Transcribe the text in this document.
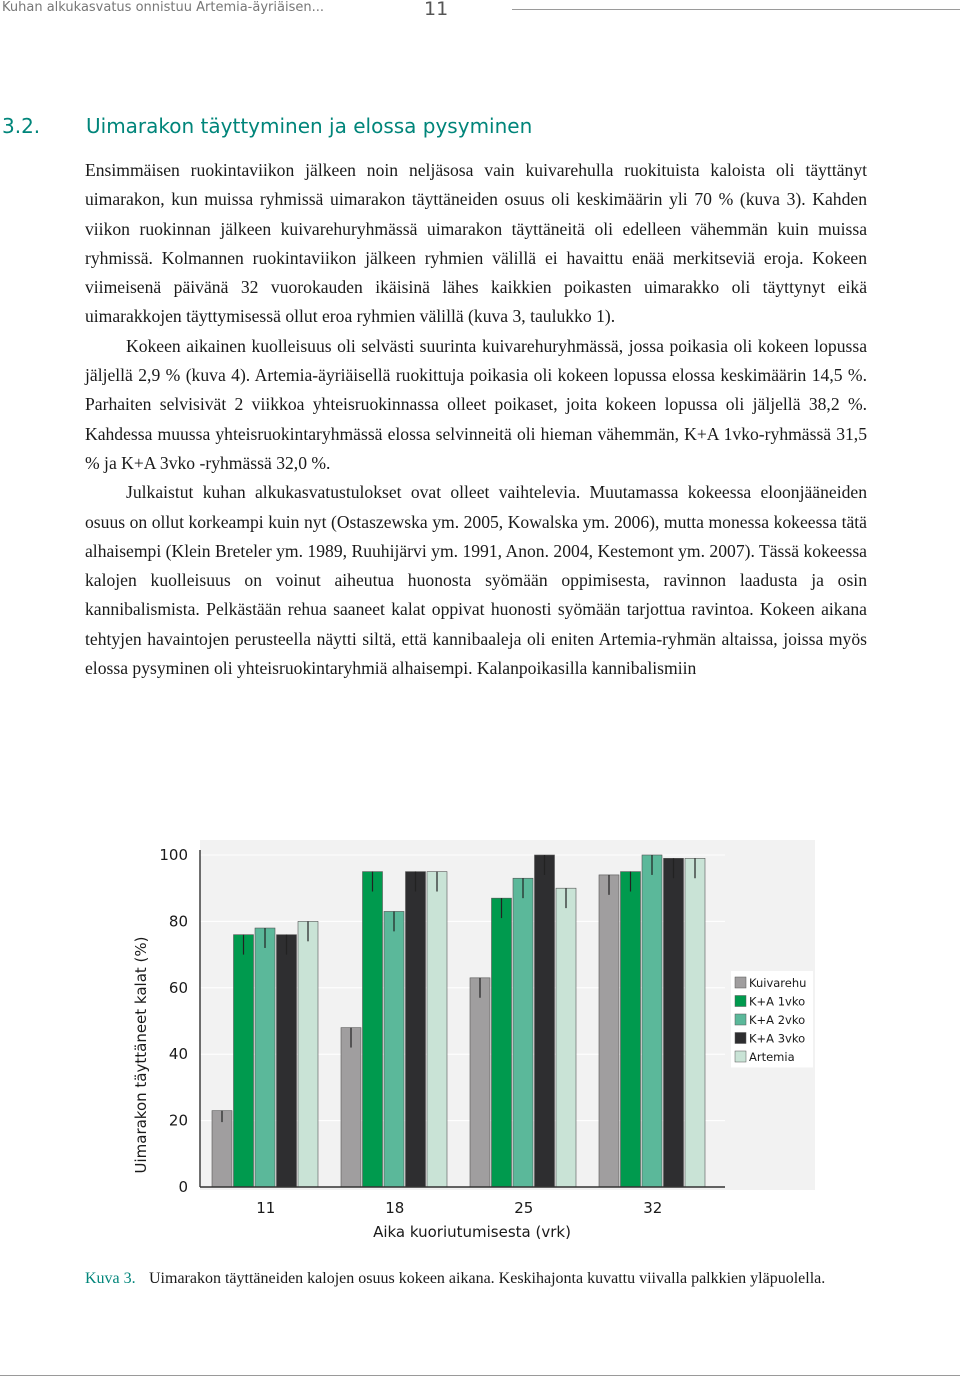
Kuhan alkukasvatus onnistuu Artemia-äyriäisen...	11
3.2. Uimarakon täyttyminen ja elossa pysyminen

Ensimmäisen ruokintaviikon jälkeen noin neljäsosa vain kuivarehulla ruokituista kaloista oli täyttänyt uimarakon, kun muissa ryhmissä uimarakon täyttäneiden osuus oli keskimäärin yli 70 % (kuva 3). Kahden viikon ruokinnan jälkeen kuivarehuryhmässä uimarakon täyttäneitä oli edelleen vähemmän kuin muissa ryhmissä. Kolmannen ruokintaviikon jälkeen ryhmien välillä ei havaittu enää merkitseviä eroja. Kokeen viimeisenä päivänä 32 vuorokauden ikäisinä lähes kaikkien poikasten uimarakko oli täyttynyt eikä uimarakkojen täyttymisessä ollut eroa ryhmien välillä (kuva 3, taulukko 1).

Kokeen aikainen kuolleisuus oli selvästi suurinta kuivarehuryhmässä, jossa poikasia oli kokeen lopussa jäljellä 2,9 % (kuva 4). Artemia-äyriäisellä ruokittuja poikasia oli kokeen lopussa elossa keskimäärin 14,5 %. Parhaiten selvisivät 2 viikkoa yhteisruokinnassa olleet poikaset, joita kokeen lopussa oli jäljellä 38,2 %. Kahdessa muussa yhteisruokintaryhmässä elossa selvinneitä oli hieman vähemmän, K+A 1vko-ryhmässä 31,5 % ja K+A 3vko -ryhmässä 32,0 %.

Julkaistut kuhan alkukasvatustulokset ovat olleet vaihtelevia. Muutamassa kokeessa eloonjääneiden osuus on ollut korkeampi kuin nyt (Ostaszewska ym. 2005, Kowalska ym. 2006), mutta monessa kokeessa tätä alhaisempi (Klein Breteler ym. 1989, Ruuhijärvi ym. 1991, Anon. 2004, Kestemont ym. 2007). Tässä kokeessa kalojen kuolleisuus on voinut aiheutua huonosta syömään oppimisesta, ravinnon laadusta ja osin kannibalismista. Pelkästään rehua saaneet kalat oppivat huonosti syömään tarjottua ravintoa. Kokeen aikana tehtyjen havaintojen perusteella näytti siltä, että kannibaaleja oli eniten Artemia-ryhmän altaissa, joissa myös elossa pysyminen oli yhteisruokintaryhmiä alhaisempi. Kalanpoikasilla kannibalismiin

0
20
40
60
80
100
11	18	25	32
Kuivarehu
K+A 1vko
K+A 2vko
K+A 3vko
Artemia
Uimarakon täyttäneet kalat (%)
Aika kuoriutumisesta (vrk)
Kuva 3. Uimarakon täyttäneiden kalojen osuus kokeen aikana. Keskihajonta kuvattu viivalla palkkien yläpuolella.
